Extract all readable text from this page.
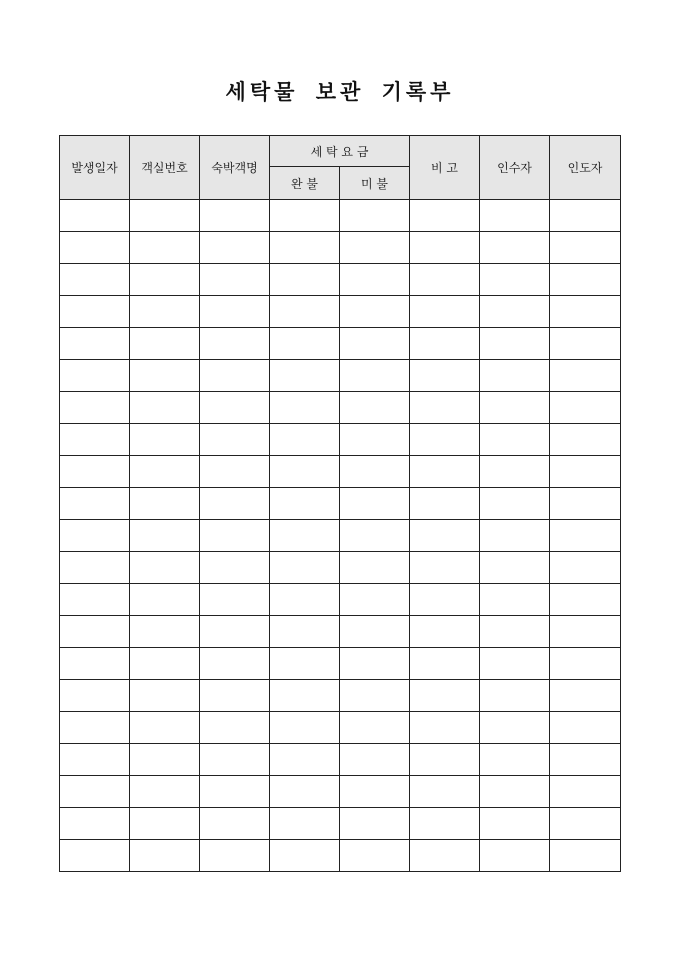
세탁물 보관 기록부
발생일자	객실번호	숙박객명	세 탁 요 금		비 고	인수자	인도자
			완 불	미 불			
